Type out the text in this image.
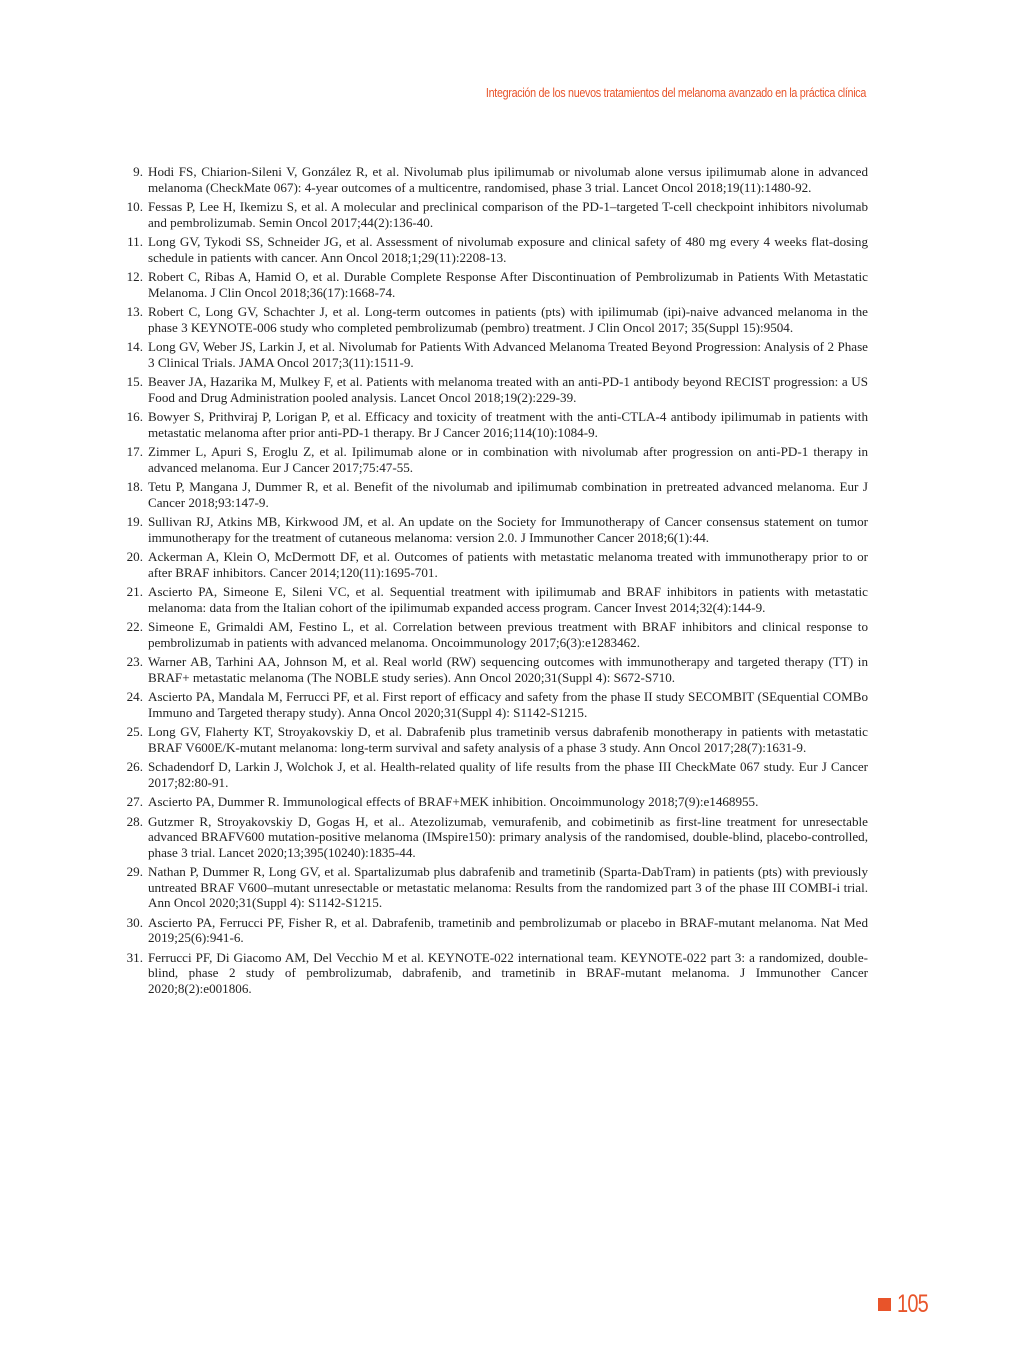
Integración de los nuevos tratamientos del melanoma avanzado en la práctica clínica
9. Hodi FS, Chiarion-Sileni V, González R, et al. Nivolumab plus ipilimumab or nivolumab alone versus ipilimumab alone in advanced melanoma (CheckMate 067): 4-year outcomes of a multicentre, randomised, phase 3 trial. Lancet Oncol 2018;19(11):1480-92.
10. Fessas P, Lee H, Ikemizu S, et al. A molecular and preclinical comparison of the PD-1–targeted T-cell checkpoint inhibitors nivolumab and pembrolizumab. Semin Oncol 2017;44(2):136-40.
11. Long GV, Tykodi SS, Schneider JG, et al. Assessment of nivolumab exposure and clinical safety of 480 mg every 4 weeks flat-dosing schedule in patients with cancer. Ann Oncol 2018;1;29(11):2208-13.
12. Robert C, Ribas A, Hamid O, et al. Durable Complete Response After Discontinuation of Pembrolizumab in Patients With Metastatic Melanoma. J Clin Oncol 2018;36(17):1668-74.
13. Robert C, Long GV, Schachter J, et al. Long-term outcomes in patients (pts) with ipilimumab (ipi)-naive advanced melanoma in the phase 3 KEYNOTE-006 study who completed pembrolizumab (pembro) treatment. J Clin Oncol 2017; 35(Suppl 15):9504.
14. Long GV, Weber JS, Larkin J, et al. Nivolumab for Patients With Advanced Melanoma Treated Beyond Progression: Analysis of 2 Phase 3 Clinical Trials. JAMA Oncol 2017;3(11):1511-9.
15. Beaver JA, Hazarika M, Mulkey F, et al. Patients with melanoma treated with an anti-PD-1 antibody beyond RECIST progression: a US Food and Drug Administration pooled analysis. Lancet Oncol 2018;19(2):229-39.
16. Bowyer S, Prithviraj P, Lorigan P, et al. Efficacy and toxicity of treatment with the anti-CTLA-4 antibody ipilimumab in patients with metastatic melanoma after prior anti-PD-1 therapy. Br J Cancer 2016;114(10):1084-9.
17. Zimmer L, Apuri S, Eroglu Z, et al. Ipilimumab alone or in combination with nivolumab after progression on anti-PD-1 therapy in advanced melanoma. Eur J Cancer 2017;75:47-55.
18. Tetu P, Mangana J, Dummer R, et al. Benefit of the nivolumab and ipilimumab combination in pretreated advanced melanoma. Eur J Cancer 2018;93:147-9.
19. Sullivan RJ, Atkins MB, Kirkwood JM, et al. An update on the Society for Immunotherapy of Cancer consensus statement on tumor immunotherapy for the treatment of cutaneous melanoma: version 2.0. J Immunother Cancer 2018;6(1):44.
20. Ackerman A, Klein O, McDermott DF, et al. Outcomes of patients with metastatic melanoma treated with immunotherapy prior to or after BRAF inhibitors. Cancer 2014;120(11):1695-701.
21. Ascierto PA, Simeone E, Sileni VC, et al. Sequential treatment with ipilimumab and BRAF inhibitors in patients with metastatic melanoma: data from the Italian cohort of the ipilimumab expanded access program. Cancer Invest 2014;32(4):144-9.
22. Simeone E, Grimaldi AM, Festino L, et al. Correlation between previous treatment with BRAF inhibitors and clinical response to pembrolizumab in patients with advanced melanoma. Oncoimmunology 2017;6(3):e1283462.
23. Warner AB, Tarhini AA, Johnson M, et al. Real world (RW) sequencing outcomes with immunotherapy and targeted therapy (TT) in BRAF+ metastatic melanoma (The NOBLE study series). Ann Oncol 2020;31(Suppl 4): S672-S710.
24. Ascierto PA, Mandala M, Ferrucci PF, et al. First report of efficacy and safety from the phase II study SECOMBIT (SEquential COMBo Immuno and Targeted therapy study). Anna Oncol 2020;31(Suppl 4): S1142-S1215.
25. Long GV, Flaherty KT, Stroyakovskiy D, et al. Dabrafenib plus trametinib versus dabrafenib monotherapy in patients with metastatic BRAF V600E/K-mutant melanoma: long-term survival and safety analysis of a phase 3 study. Ann Oncol 2017;28(7):1631-9.
26. Schadendorf D, Larkin J, Wolchok J, et al. Health-related quality of life results from the phase III CheckMate 067 study. Eur J Cancer 2017;82:80-91.
27. Ascierto PA, Dummer R. Immunological effects of BRAF+MEK inhibition. Oncoimmunology 2018;7(9):e1468955.
28. Gutzmer R, Stroyakovskiy D, Gogas H, et al.. Atezolizumab, vemurafenib, and cobimetinib as first-line treatment for unresectable advanced BRAFV600 mutation-positive melanoma (IMspire150): primary analysis of the randomised, double-blind, placebo-controlled, phase 3 trial. Lancet 2020;13;395(10240):1835-44.
29. Nathan P, Dummer R, Long GV, et al. Spartalizumab plus dabrafenib and trametinib (Sparta-DabTram) in patients (pts) with previously untreated BRAF V600–mutant unresectable or metastatic melanoma: Results from the randomized part 3 of the phase III COMBI-i trial. Ann Oncol 2020;31(Suppl 4): S1142-S1215.
30. Ascierto PA, Ferrucci PF, Fisher R, et al. Dabrafenib, trametinib and pembrolizumab or placebo in BRAF-mutant melanoma. Nat Med 2019;25(6):941-6.
31. Ferrucci PF, Di Giacomo AM, Del Vecchio M et al. KEYNOTE-022 international team. KEYNOTE-022 part 3: a randomized, double-blind, phase 2 study of pembrolizumab, dabrafenib, and trametinib in BRAF-mutant melanoma. J Immunother Cancer 2020;8(2):e001806.
105
